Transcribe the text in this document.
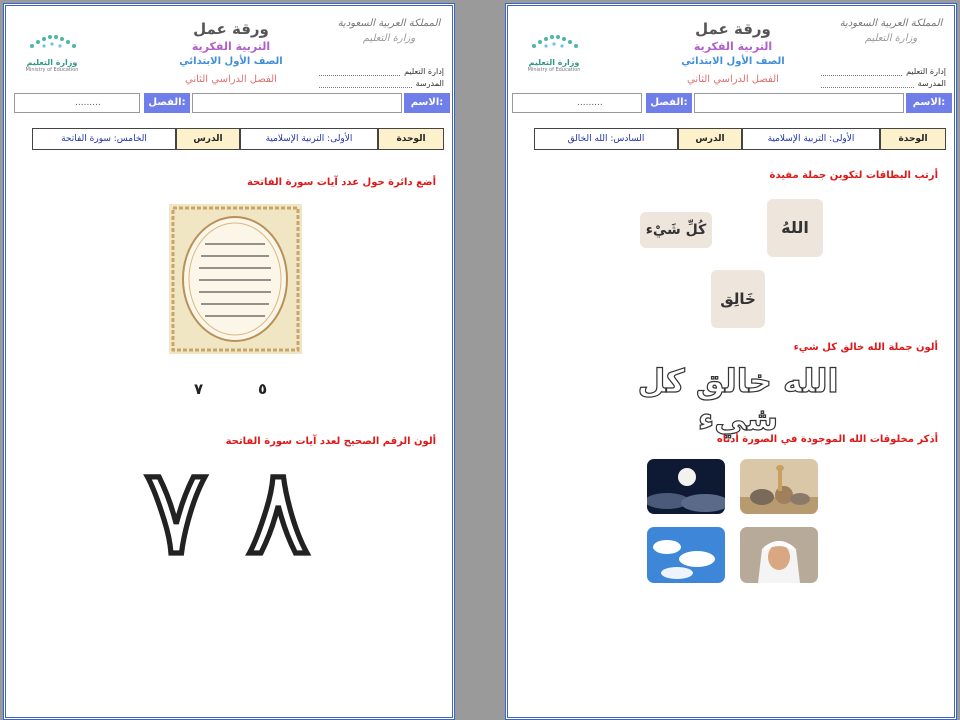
ورقة عمل
التربية الفكرية
الصف الأول الابتدائي
الفصل الدراسي الثاني
المملكة العربية السعودية
وزارة التعليم
إدارة التعليم
المدرسة
وزارة التعليم
Ministry of Education
الاسم:
الفصل:
.........
الوحدة
الأولى: التربية الإسلامية
الدرس
السادس: الله الخالق
أرتب البطاقات لتكوين جملة مفيدة
اللهُ
كُلِّ شَيْء
خَالِق
ألون جملة الله خالق كل شيء
الله خالق كل شيء
أذكر مخلوقات الله الموجودة في الصورة أدناه
ورقة عمل
التربية الفكرية
الصف الأول الابتدائي
الفصل الدراسي الثاني
المملكة العربية السعودية
وزارة التعليم
إدارة التعليم
المدرسة
وزارة التعليم
Ministry of Education
الاسم:
الفصل:
.........
الوحدة
الأولى: التربية الإسلامية
الدرس
الخامس: سورة الفاتحة
أضع دائرة حول عدد آيات سورة الفاتحة
٥
٧
ألون الرقم الصحيح لعدد آيات سورة الفاتحة
٨
٧
